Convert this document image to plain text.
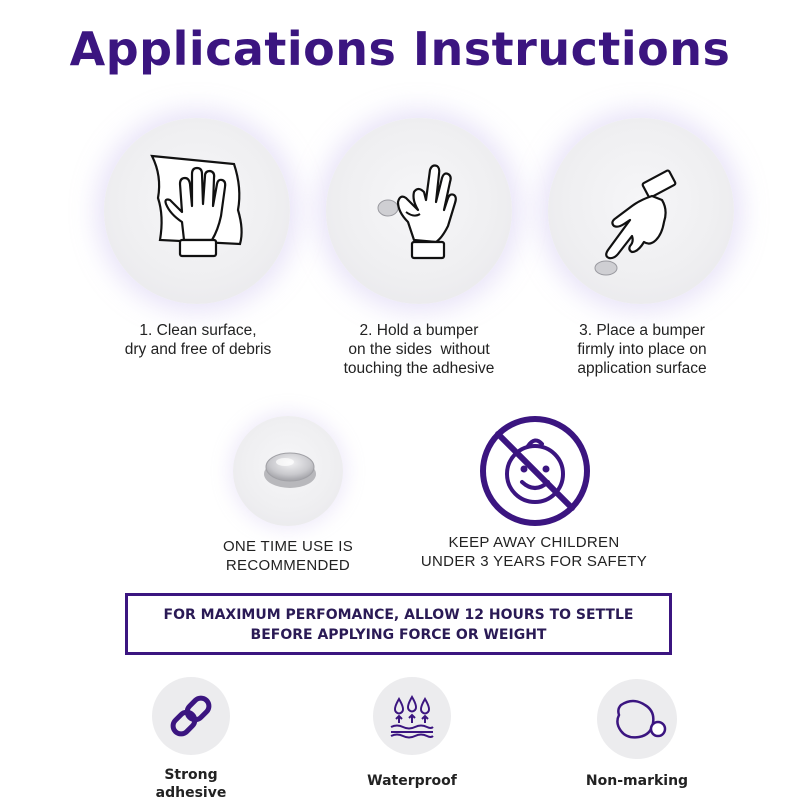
Applications Instructions
1. Clean surface,
dry and free of debris
2. Hold a bumper
on the sides  without
touching the adhesive
3. Place a bumper
firmly into place on
application surface
ONE TIME USE IS
RECOMMENDED
KEEP AWAY CHILDREN
UNDER 3 YEARS FOR SAFETY
FOR MAXIMUM PERFOMANCE, ALLOW 12 HOURS TO SETTLE
BEFORE APPLYING FORCE OR WEIGHT
Strong
adhesive
Waterproof	Non-marking
